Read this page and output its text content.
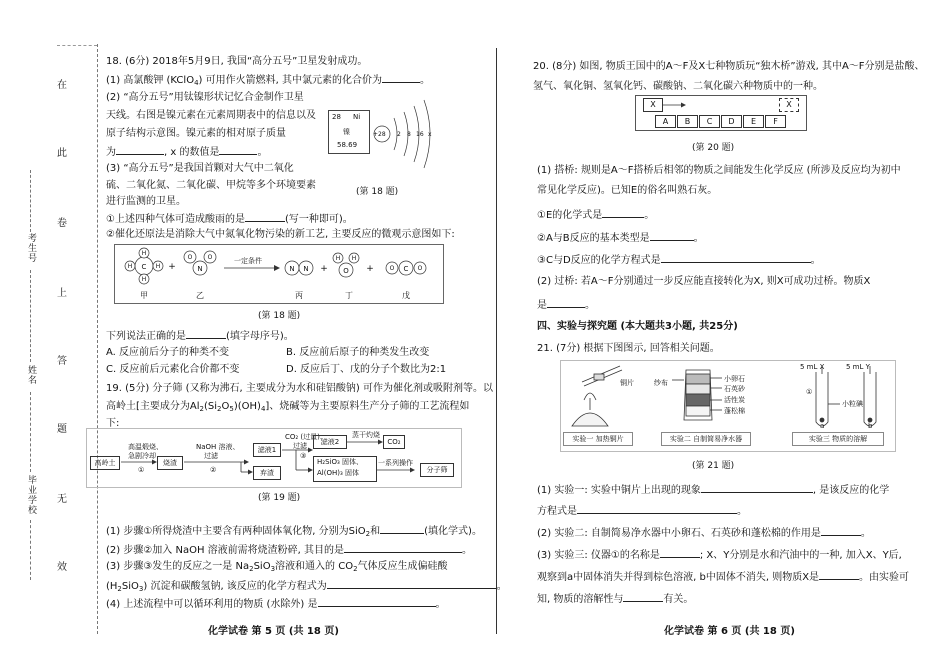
在
此
卷
上
答
题
无
效
考生号
姓名
毕业学校
18. (6分) 2018年5月9日, 我国“高分五号”卫星发射成功。
(1) 高氯酸钾 (KClO$_4$) 可用作火箭燃料, 其中氯元素的化合价为	。
(2) “高分五号”用钛镍形状记忆合金制作卫星
天线。右图是镍元素在元素周期表中的信息以及
原子结构示意图。镍元素的相对原子质量
为	, x 的数值是	。
(3) “高分五号”是我国首颗对大气中二氧化
硫、二氧化氮、二氧化碳、甲烷等多个环境要素
进行监测的卫星。
①上述四种气体可造成酸雨的是	(写一种即可)。
②催化还原法是消除大气中氮氧化物污染的新工艺, 主要反应的微观示意图如下:
28 Ni
镍
58.69
+28 2 8 16 x
(第 18 题)
C
H
H
H	H +	N
O	O
N N + O
H H
+	O C O
一定条件
甲	乙	丙	丁	戊
(第 18 题)
下列说法正确的是	(填字母序号)。
A. 反应前后分子的种类不变	B. 反应前后原子的种类发生改变
C. 反应前后元素化合价都不变	D. 反应后丁、戊的分子个数比为2:1
19. (5分) 分子筛 (又称为沸石, 主要成分为水和硅铝酸钠) 可作为催化剂或吸附剂等。以
高岭土[主要成分为$Al_2(Si_2O_5)(OH)_4$]、烧碱等为主要原料生产分子筛的工艺流程如
下:
高岭土
高温煅烧、
急剧冷却
①
烧渣
NaOH 溶液、
过滤
②
滤液1
弃渣
CO₂ (过量)、
过滤
③
滤液2
蒸干灼烧
CO₂
H₂SiO₃ 固体、
Al(OH)₃ 固体
一系列操作
分子筛
(第 19 题)
(1) 步骤①所得烧渣中主要含有两种固体氧化物, 分别为SiO$_2$和	(填化学式)。
(2) 步骤②加入 NaOH 溶液前需将烧渣粉碎, 其目的是	。
(3) 步骤③发生的反应之一是 $Na_2SiO_3$溶液和通入的 $CO_2$气体反应生成偏硅酸
$(H_2SiO_3)$ 沉淀和碳酸氢钠, 该反应的化学方程式为	。
(4) 上述流程中可以循环利用的物质 (水除外) 是	。
化学试卷 第 5 页 (共 18 页)
20. (8分) 如图, 物质王国中的A～F及X七种物质玩“独木桥”游戏, 其中A～F分别是盐酸、
氢气、氧化铜、氢氧化钙、碳酸钠、二氧化碳六种物质中的一种。
X	X
A	B	C	D	E	F
(第 20 题)
(1) 搭桥: 规则是A～F搭桥后相邻的物质之间能发生化学反应 (所涉及反应均为初中
常见化学反应)。已知E的俗名叫熟石灰。
①E的化学式是	。
②A与B反应的基本类型是	。
③C与D反应的化学方程式是	。
(2) 过桥: 若A～F分别通过一步反应能直接转化为X, 则X可成功过桥。物质X
是	。
四、实验与探究题 (本大题共3小题, 共25分)
21. (7分) 根据下图图示, 回答相关问题。
铜片	纱布	小卵石
石英砂
活性炭
蓬松棉
5 mL X	5 mL Y
①
小粒碘
a	b
实验一 加热铜片	实验二 自制简易净水器	实验三 物质的溶解
(第 21 题)
(1) 实验一: 实验中铜片上出现的现象	, 是该反应的化学
方程式是	。
(2) 实验二: 自制简易净水器中小卵石、石英砂和蓬松棉的作用是	。
(3) 实验三: 仪器①的名称是	; X、Y分别是水和汽油中的一种, 加入X、Y后,
观察到a中固体消失并得到棕色溶液, b中固体不消失, 则物质X是	。由实验可
知, 物质的溶解性与	有关。
化学试卷 第 6 页 (共 18 页)
